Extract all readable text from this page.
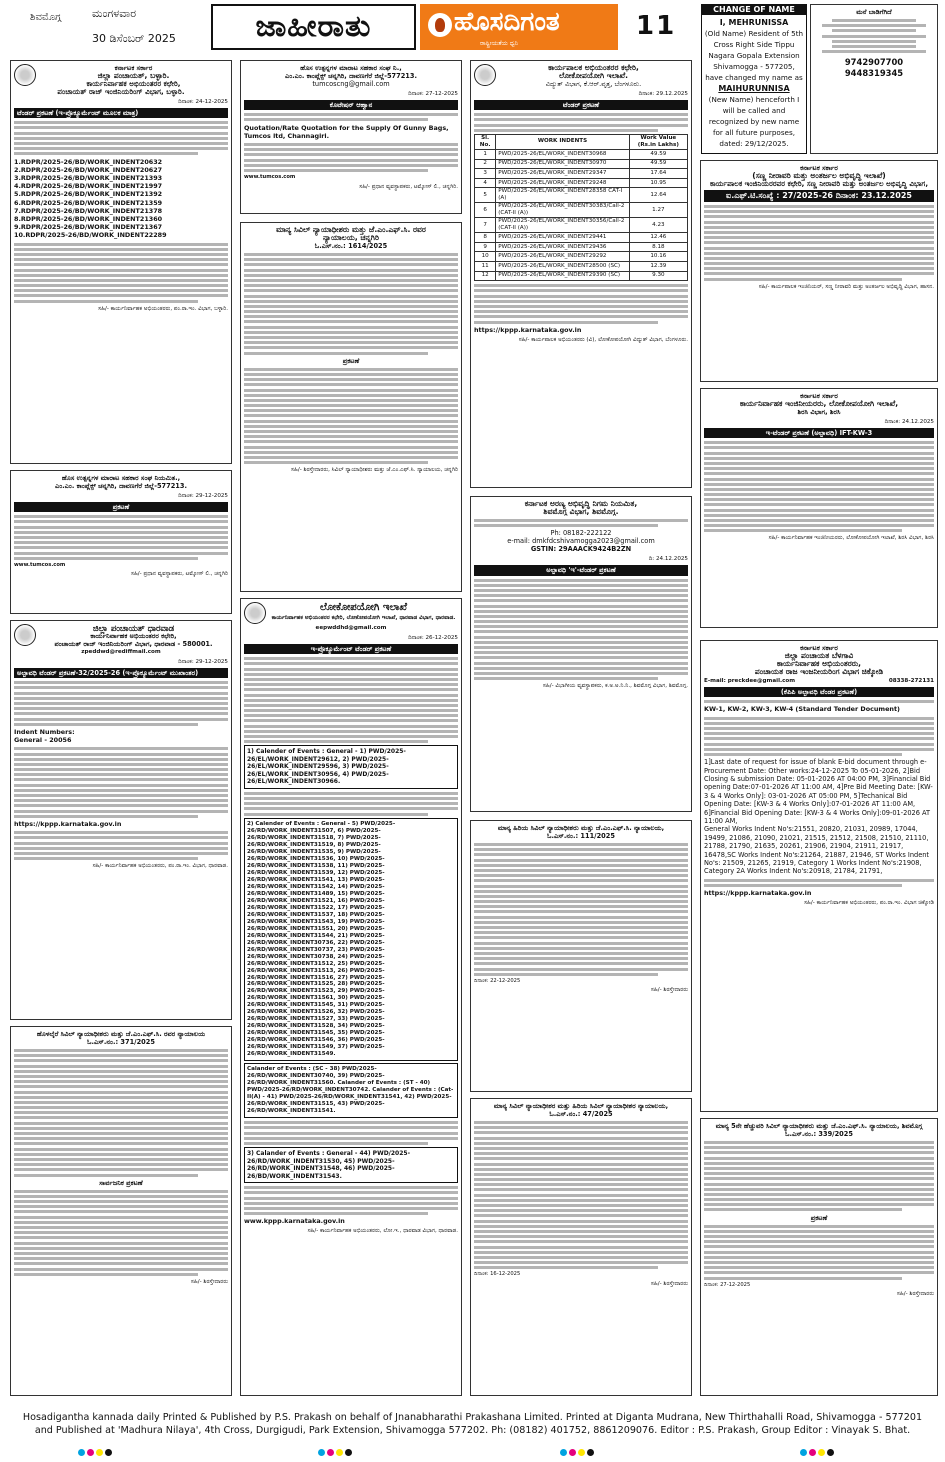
ಶಿವಮೊಗ್ಗ	ಮಂಗಳವಾರ
30 ಡಿಸೆಂಬರ್ 2025	ಜಾಹೀರಾತು	ಹೊಸದಿಗಂತ
ರಾಷ್ಟ್ರೀಯತೆಯ ಧ್ವನಿ
11
CHANGE OF NAME
I, MEHRUNISSA
(Old Name) Resident of 5th Cross Right Side Tippu Nagara Gopala Extension Shivamogga - 577205, have changed my name as
MAIHURUNNISA
(New Name) henceforth I will be called and recognized by new name for all future purposes, dated: 29/12/2025.
ಮನೆ ಬಾಡಿಗೆಗಿದೆ
9742907700
9448319345
ಕರ್ನಾಟಕ ಸರ್ಕಾರ
ಜಿಲ್ಲಾ ಪಂಚಾಯತ್, ಬಳ್ಳಾರಿ.
ಕಾರ್ಯನಿರ್ವಾಹಕ ಅಭಿಯಂತರರ ಕಛೇರಿ,
ಪಂಚಾಯತ್ ರಾಜ್ ಇಂಜಿನಿಯರಿಂಗ್ ವಿಭಾಗ, ಬಳ್ಳಾರಿ.
ದಿನಾಂಕ: 24-12-2025
ಟೆಂಡರ್ ಪ್ರಕಟಣೆ (ಇ-ಪ್ರೊಕ್ಯೂರ್ಮೆಂಟ್ ಮೂಲಕ ಮಾತ್ರ)
1.RDPR/2025-26/BD/WORK_INDENT20632
2.RDPR/2025-26/BD/WORK_INDENT20627
3.RDPR/2025-26/BD/WORK_INDENT21393
4.RDPR/2025-26/BD/WORK_INDENT21997
5.RDPR/2025-26/BD/WORK_INDENT21392
6.RDPR/2025-26/BD/WORK_INDENT21359
7.RDPR/2025-26/BD/WORK_INDENT21378
8.RDPR/2025-26/BD/WORK_INDENT21360
9.RDPR/2025-26/BD/WORK_INDENT21367
10.RDPR/2025-26/BD/WORK_INDENT22289
ಸಹಿ/- ಕಾರ್ಯನಿರ್ವಾಹಕ ಅಭಿಯಂತರರು, ಪಂ.ರಾ.ಇಂ. ವಿಭಾಗ, ಬಳ್ಳಾರಿ.
ಹೊಸ ಉತ್ಪನ್ನಗಳ ಮಾರಾಟ ಸಹಕಾರ ಸಂಘ ನಿಯಮಿತ.,
ಎಂ.ಎಂ. ಕಾಂಪ್ಲೆಕ್ಸ್ ಚನ್ನಗಿರಿ, ದಾವಣಗೆರೆ ಜಿಲ್ಲೆ-577213.
ದಿನಾಂಕ: 29-12-2025
ಪ್ರಕಟಣೆ
www.tumcos.com
ಸಹಿ/- ಪ್ರಧಾನ ವ್ಯವಸ್ಥಾಪಕರು, ಟಮ್ಕೋಸ್ ಲಿ., ಚನ್ನಗಿರಿ
ಜಿಲ್ಲಾ ಪಂಚಾಯತ್ ಧಾರವಾಡ
ಕಾರ್ಯನಿರ್ವಾಹಕ ಅಭಿಯಂತರರ ಕಛೇರಿ,
ಪಂಚಾಯತ್ ರಾಜ್ ಇಂಜಿನಿಯರಿಂಗ್ ವಿಭಾಗ, ಧಾರವಾಡ - 580001.
zpeddwd@rediffmail.com
ದಿನಾಂಕ: 29-12-2025
ಅಲ್ಪಾವಧಿ ಟೆಂಡರ್ ಪ್ರಕಟಣೆ-32/2025-26 (ಇ-ಪ್ರೊಕ್ಯೂರ್ಮೆಂಟ್ ಮುಖಾಂತರ)
Indent Numbers:
General - 20056
https://kppp.karnataka.gov.in
ಸಹಿ/- ಕಾರ್ಯನಿರ್ವಾಹಕ ಅಭಿಯಂತರರು, ಪಂ.ರಾ.ಇಂ. ವಿಭಾಗ, ಧಾರವಾಡ.
ಹೊಳಲ್ಕೆರೆ ಸಿವಿಲ್ ನ್ಯಾಯಾಧೀಶರು ಮತ್ತು ಜೆ.ಎಂ.ಎಫ್.ಸಿ. ರವರ ನ್ಯಾಯಾಲಯ
ಓ.ಎಸ್.ನಂ.: 371/2025
ಸಾರ್ವಜನಿಕ ಪ್ರಕಟಣೆ
ಸಹಿ/- ಶಿರಸ್ತೇದಾರರು
ಹೊಸ ಉತ್ಪನ್ನಗಳ ಮಾರಾಟ ಸಹಕಾರ ಸಂಘ ನಿ.,
ಎಂ.ಎಂ. ಕಾಂಪ್ಲೆಕ್ಸ್ ಚನ್ನಗಿರಿ, ದಾವಣಗೆರೆ ಜಿಲ್ಲೆ-577213.
tumcoscng@gmail.com
ದಿನಾಂಕ: 27-12-2025
ಕೊಟೇಷನ್ ಆಹ್ವಾನ
Quotation/Rate Quotation for the Supply Of Gunny Bags, Tumcos ltd, Channagiri.
www.tumcos.com
ಸಹಿ/- ಪ್ರಧಾನ ವ್ಯವಸ್ಥಾಪಕರು, ಟಮ್ಕೋಸ್ ಲಿ., ಚನ್ನಗಿರಿ.
ಮಾನ್ಯ ಸಿವಿಲ್ ನ್ಯಾಯಾಧೀಶರು ಮತ್ತು ಜೆ.ಎಂ.ಎಫ್.ಸಿ. ರವರ
ನ್ಯಾಯಾಲಯ, ಚನ್ನಗಿರಿ
ಓ.ಎಸ್.ನಂ.: 1614/2025
ಪ್ರಕಟಣೆ
ಸಹಿ/- ಶಿರಸ್ತೇದಾರರು, ಸಿವಿಲ್ ನ್ಯಾಯಾಧೀಶರು ಮತ್ತು ಜೆ.ಎಂ.ಎಫ್.ಸಿ. ನ್ಯಾಯಾಲಯ, ಚನ್ನಗಿರಿ
ಲೋಕೋಪಯೋಗಿ ಇಲಾಖೆ
ಕಾರ್ಯನಿರ್ವಾಹಕ ಅಭಿಯಂತರರ ಕಛೇರಿ, ಲೋಕೋಪಯೋಗಿ ಇಲಾಖೆ, ಧಾರವಾಡ ವಿಭಾಗ, ಧಾರವಾಡ.
eepwddhd@gmail.com
ದಿನಾಂಕ: 26-12-2025
ಇ-ಪ್ರೊಕ್ಯೂರ್ಮೆಂಟ್ ಟೆಂಡರ್ ಪ್ರಕಟಣೆ
1) Calender of Events : General - 1) PWD/2025-26/EL/WORK_INDENT29612, 2) PWD/2025-26/EL/WORK_INDENT29596, 3) PWD/2025-26/EL/WORK_INDENT30956, 4) PWD/2025-26/EL/WORK_INDENT30966.
2) Calender of Events : General - 5) PWD/2025-26/RD/WORK_INDENT31507, 6) PWD/2025-26/RD/WORK_INDENT31518, 7) PWD/2025-26/RD/WORK_INDENT31519, 8) PWD/2025-26/RD/WORK_INDENT31535, 9) PWD/2025-26/RD/WORK_INDENT31536, 10) PWD/2025-26/RD/WORK_INDENT31538, 11) PWD/2025-26/RD/WORK_INDENT31539, 12) PWD/2025-26/RD/WORK_INDENT31541, 13) PWD/2025-26/RD/WORK_INDENT31542, 14) PWD/2025-26/RD/WORK_INDENT31489, 15) PWD/2025-26/RD/WORK_INDENT31521, 16) PWD/2025-26/RD/WORK_INDENT31522, 17) PWD/2025-26/RD/WORK_INDENT31537, 18) PWD/2025-26/RD/WORK_INDENT31543, 19) PWD/2025-26/RD/WORK_INDENT31551, 20) PWD/2025-26/RD/WORK_INDENT31544, 21) PWD/2025-26/RD/WORK_INDENT30736, 22) PWD/2025-26/RD/WORK_INDENT30737, 23) PWD/2025-26/RD/WORK_INDENT30738, 24) PWD/2025-26/RD/WORK_INDENT31512, 25) PWD/2025-26/RD/WORK_INDENT31513, 26) PWD/2025-26/RD/WORK_INDENT31516, 27) PWD/2025-26/RD/WORK_INDENT31525, 28) PWD/2025-26/RD/WORK_INDENT31523, 29) PWD/2025-26/RD/WORK_INDENT31561, 30) PWD/2025-26/RD/WORK_INDENT31545, 31) PWD/2025-26/RD/WORK_INDENT31526, 32) PWD/2025-26/RD/WORK_INDENT31527, 33) PWD/2025-26/RD/WORK_INDENT31528, 34) PWD/2025-26/RD/WORK_INDENT31545, 35) PWD/2025-26/RD/WORK_INDENT31546, 36) PWD/2025-26/RD/WORK_INDENT31549, 37) PWD/2025-26/RD/WORK_INDENT31549.
Calander of Events : (SC - 38) PWD/2025-26/RD/WORK_INDENT30740, 39) PWD/2025-26/RD/WORK_INDENT31560. Calander of Events : (ST - 40) PWD/2025-26/RD/WORK_INDENT30742. Calander of Events : (Cat-II(A) - 41) PWD/2025-26/RD/WORK_INDENT31541, 42) PWD/2025-26/RD/WORK_INDENT31515, 43) PWD/2025-26/RD/WORK_INDENT31541.
3) Calander of Events : General - 44) PWD/2025-26/RD/WORK_INDENT31530, 45) PWD/2025-26/RD/WORK_INDENT31548, 46) PWD/2025-26/BD/WORK_INDENT31543.
www.kppp.karnataka.gov.in
ಸಹಿ/- ಕಾರ್ಯನಿರ್ವಾಹಕ ಅಭಿಯಂತರರು, ಲೋ.ಇ., ಧಾರವಾಡ ವಿಭಾಗ, ಧಾರವಾಡ.
ಕಾರ್ಯಪಾಲಕ ಅಭಿಯಂತರರ ಕಛೇರಿ,
ಲೋಕೋಪಯೋಗಿ ಇಲಾಖೆ.
ವಿದ್ಯುತ್ ವಿಭಾಗ, ಕೆ.ಆರ್.ವೃತ್ತ, ಬೆಂಗಳೂರು.
ದಿನಾಂಕ: 29.12.2025
ಟೆಂಡರ್ ಪ್ರಕಟಣೆ
Sl. No.	WORK INDENTS	Work Value (Rs.in Lakhs)
1	PWD/2025-26/EL/WORK_INDENT30968	49.59
2	PWD/2025-26/EL/WORK_INDENT30970	49.59
3	PWD/2025-26/EL/WORK_INDENT29347	17.64
4	PWD/2025-26/EL/WORK_INDENT29248	10.95
5	PWD/2025-26/EL/WORK_INDENT28358 CAT-I (A)	12.64
6	PWD/2025-26/EL/WORK_INDENT30383/Call-2 (CAT-II (A))	1.27
7	PWD/2025-26/EL/WORK_INDENT30356/Call-2 (CAT-II (A))	4.23
8	PWD/2025-26/EL/WORK_INDENT29441	12.46
9	PWD/2025-26/EL/WORK_INDENT29436	8.18
10	PWD/2025-26/EL/WORK_INDENT29292	10.16
11	PWD/2025-26/EL/WORK_INDENT28500 (SC)	12.39
12	PWD/2025-26/EL/WORK_INDENT29390 (SC)	9.30
https://kppp.karnataka.gov.in
ಸಹಿ/- ಕಾರ್ಯಪಾಲಕ ಅಭಿಯಂತರರು (ವಿ), ಲೋಕೋಪಯೋಗಿ ವಿದ್ಯುತ್ ವಿಭಾಗ, ಬೆಂಗಳೂರು.
ಕರ್ನಾಟಕ ಅರಣ್ಯ ಅಭಿವೃದ್ಧಿ ನಿಗಮ ನಿಯಮಿತ,
ಶಿವಮೊಗ್ಗ ವಿಭಾಗ, ಶಿವಮೊಗ್ಗ.
Ph: 08182-222122
e-mail: dmkfdcshivamogga2023@gmail.com
GSTIN: 29AAACK9424B2ZN
ದಿ: 24.12.2025
ಅಲ್ಪಾವಧಿ 'ಇ'-ಟೆಂಡರ್ ಪ್ರಕಟಣೆ
ಸಹಿ/- ವಿಭಾಗೀಯ ವ್ಯವಸ್ಥಾಪಕರು, ಕ.ಅ.ಅ.ನಿ.ನಿ., ಶಿವಮೊಗ್ಗ ವಿಭಾಗ, ಶಿವಮೊಗ್ಗ.
ಮಾನ್ಯ ಹಿರಿಯ ಸಿವಿಲ್ ನ್ಯಾಯಾಧೀಶರು ಮತ್ತು ಜೆ.ಎಂ.ಎಫ್.ಸಿ. ನ್ಯಾಯಾಲಯ,
ಓ.ಎಸ್.ನಂ.: 111/2025
ದಿನಾಂಕ: 22-12-2025
ಸಹಿ/- ಶಿರಸ್ತೇದಾರರು
ಮಾನ್ಯ ಸಿವಿಲ್ ನ್ಯಾಯಾಧೀಶರ ಮತ್ತು ಹಿರಿಯ ಸಿವಿಲ್ ನ್ಯಾಯಾಧೀಶರ ನ್ಯಾಯಾಲಯ,
ಓ.ಎಸ್.ನಂ.: 47/2025
ದಿನಾಂಕ: 16-12-2025
ಸಹಿ/- ಶಿರಸ್ತೇದಾರರು
ಕರ್ನಾಟಕ ಸರ್ಕಾರ
(ಸಣ್ಣ ನೀರಾವರಿ ಮತ್ತು ಅಂತರ್ಜಲ ಅಭಿವೃದ್ಧಿ ಇಲಾಖೆ)
ಕಾರ್ಯಪಾಲಕ ಇಂಜಿನಿಯರರವರ ಕಛೇರಿ, ಸಣ್ಣ ನೀರಾವರಿ ಮತ್ತು ಅಂತರ್ಜಲ ಅಭಿವೃದ್ಧಿ ವಿಭಾಗ,
ಐ.ಎಫ್.ಟಿ.ಸಂಖ್ಯೆ : 27/2025-26 ದಿನಾಂಕ: 23.12.2025
ಸಹಿ/- ಕಾರ್ಯಪಾಲಕ ಇಂಜಿನಿಯರ್, ಸಣ್ಣ ನೀರಾವರಿ ಮತ್ತು ಅಂತರ್ಜಲ ಅಭಿವೃದ್ಧಿ ವಿಭಾಗ, ಹಾಸನ.
ಕರ್ನಾಟಕ ಸರ್ಕಾರ
ಕಾರ್ಯನಿರ್ವಾಹಕ ಇಂಜಿನೀಯರರು, ಲೋಕೋಪಯೋಗಿ ಇಲಾಖೆ,
ಶಿರಸಿ ವಿಭಾಗ, ಶಿರಸಿ
ದಿನಾಂಕ: 24.12.2025
ಇ-ಟೆಂಡರ್ ಪ್ರಕಟಣೆ (ಅಲ್ಪಾವಧಿ) IFT-KW-3
ಸಹಿ/- ಕಾರ್ಯನಿರ್ವಾಹಕ ಇಂಜಿನೀಯರರು, ಲೋಕೋಪಯೋಗಿ ಇಲಾಖೆ, ಶಿರಸಿ ವಿಭಾಗ, ಶಿರಸಿ
ಕರ್ನಾಟಕ ಸರ್ಕಾರ
ಜಿಲ್ಲಾ ಪಂಚಾಯತ ಬೆಳಗಾವಿ
ಕಾರ್ಯನಿರ್ವಾಹಕ ಅಭಿಯಂತರರು,
ಪಂಚಾಯತ ರಾಜ ಇಂಜನೀಯರಿಂಗ ವಿಭಾಗ ಚಿಕ್ಕೋಡಿ
E-mail: preckdee@gmail.com	08338-272131
(ಕೆಪಿಪಿ ಅಲ್ಪಾವಧಿ ಟೆಂಡರ ಪ್ರಕಟಣೆ)
KW-1, KW-2, KW-3, KW-4 (Standard Tender Document)
1]Last date of request for issue of blank E-bid document through e-Procurement Date: Other works:24-12-2025 To 05-01-2026, 2]Bid Closing & submission Date: 05-01-2026 AT 04:00 PM, 3]Financial Bid opening Date:07-01-2026 AT 11:00 AM, 4]Pre Bid Meeting Date: [KW-3 & 4 Works Only]: 03-01-2026 AT 05:00 PM, 5]Techanical Bid Opening Date: [KW-3 & 4 Works Only]:07-01-2026 AT 11:00 AM, 6]Financial Bid Opening Date: [KW-3 & 4 Works Only]:09-01-2026 AT 11:00 AM,
General Works Indent No's:21551, 20820, 21031, 20989, 17044, 19499, 21086, 21090, 21021, 21515, 21512, 21508, 21510, 21110, 21788, 21790, 21635, 20261, 21906, 21904, 21911, 21917, 16478,SC Works Indent No's:21264, 21887, 21946, ST Works Indent No's: 21509, 21265, 21919, Category 1 Works Indent No's:21908, Category 2A Works Indent No's:20918, 21784, 21791,
https://kppp.karnataka.gov.in
ಸಹಿ/- ಕಾರ್ಯನಿರ್ವಾಹಕ ಅಭಿಯಂತರರು, ಪಂ.ರಾ.ಇಂ. ವಿಭಾಗ ಚಿಕ್ಕೋಡಿ
ಮಾನ್ಯ 5ನೇ ಹೆಚ್ಚುವರಿ ಸಿವಿಲ್ ನ್ಯಾಯಾಧೀಶರು ಮತ್ತು ಜೆ.ಎಂ.ಎಫ್.ಸಿ. ನ್ಯಾಯಾಲಯ, ಶಿವಮೊಗ್ಗ
ಓ.ಎಸ್.ನಂ.: 339/2025
ಪ್ರಕಟಣೆ
ದಿನಾಂಕ: 27-12-2025
ಸಹಿ/- ಶಿರಸ್ತೇದಾರರು
Hosadigantha kannada daily Printed & Published by P.S. Prakash on behalf of Jnanabharathi Prakashana Limited. Printed at Diganta Mudrana, New Thirthahalli Road, Shivamogga - 577201
and Published at 'Madhura Nilaya', 4th Cross, Durgigudi, Park Extension, Shivamogga 577202. Ph: (08182) 401752, 8861209076. Editor : P.S. Prakash, Group Editor : Vinayak S. Bhat.
